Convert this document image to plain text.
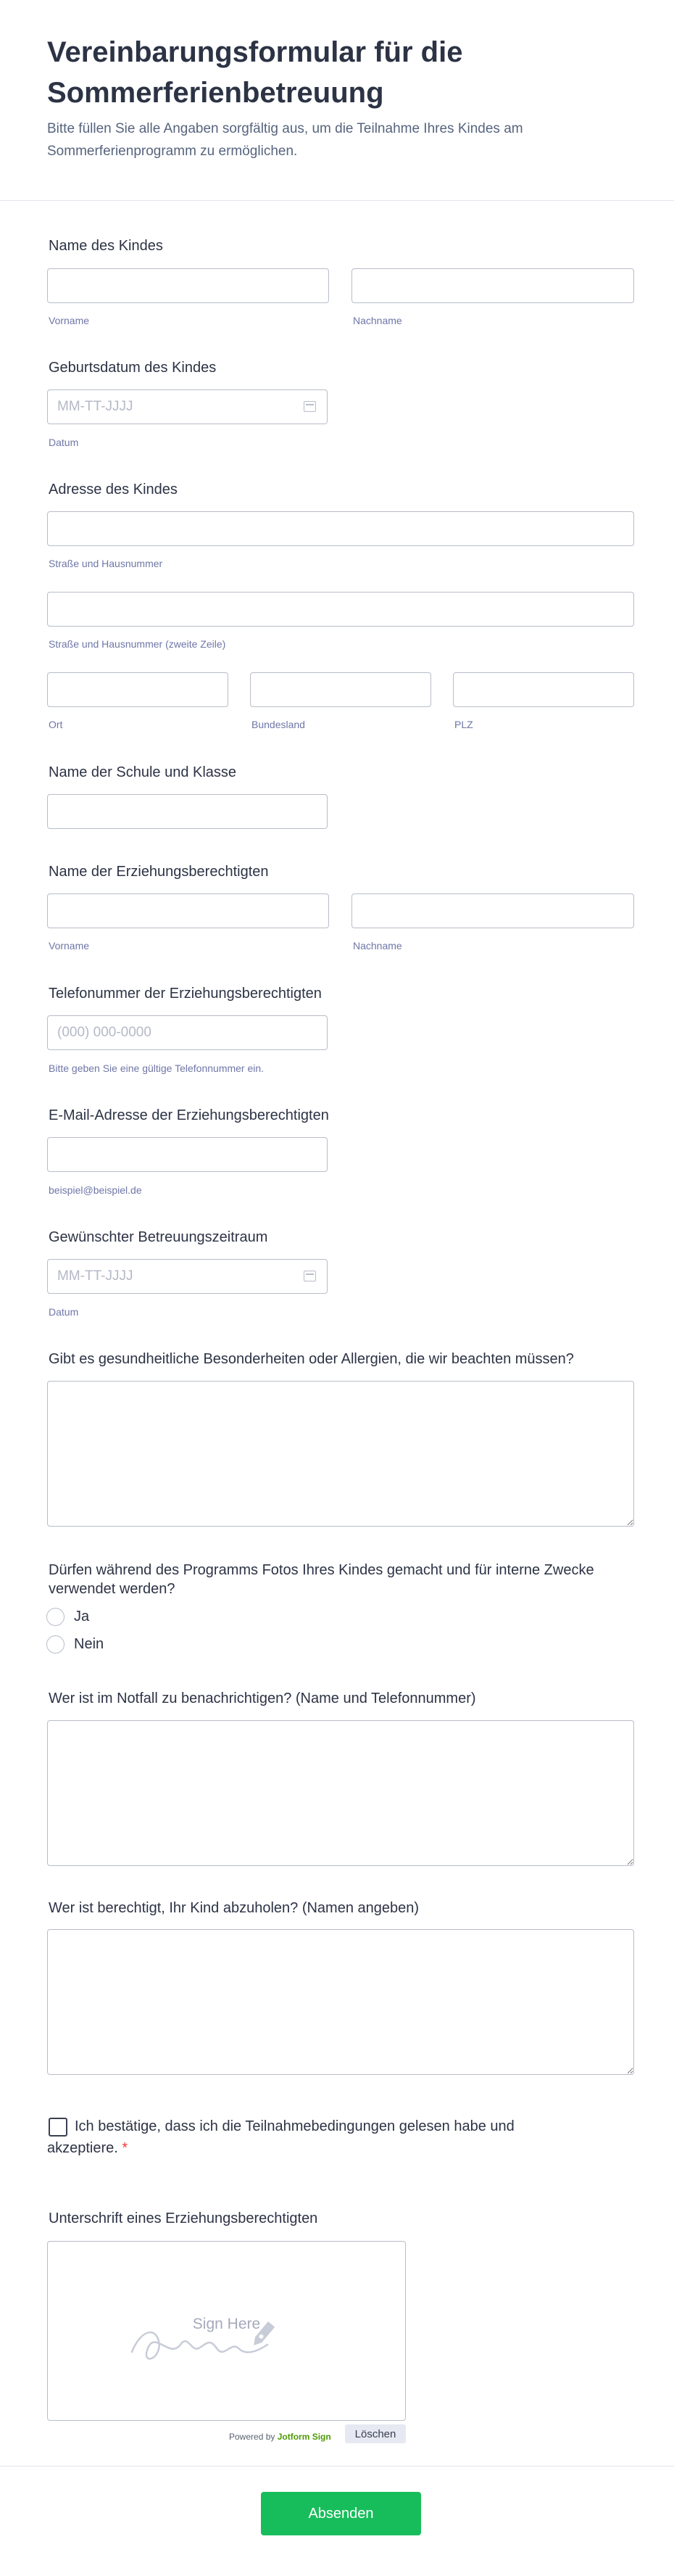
Vereinbarungsformular für die Sommerferienbetreuung

Bitte füllen Sie alle Angaben sorgfältig aus, um die Teilnahme Ihres Kindes am Sommerferienprogramm zu ermöglichen.

Name des Kindes
Vorname	Nachname
Geburtsdatum des Kindes
MM-TT-JJJJ
Datum
Adresse des Kindes
Straße und Hausnummer
Straße und Hausnummer (zweite Zeile)
Ort	Bundesland	PLZ
Name der Schule und Klasse
Name der Erziehungsberechtigten
Vorname	Nachname
Telefonummer der Erziehungsberechtigten
(000) 000-0000
Bitte geben Sie eine gültige Telefonnummer ein.
E-Mail-Adresse der Erziehungsberechtigten
beispiel@beispiel.de
Gewünschter Betreuungszeitraum
MM-TT-JJJJ
Datum
Gibt es gesundheitliche Besonderheiten oder Allergien, die wir beachten müssen?
Dürfen während des Programms Fotos Ihres Kindes gemacht und für interne Zwecke verwendet werden?
Ja
Nein
Wer ist im Notfall zu benachrichtigen? (Name und Telefonnummer)
Wer ist berechtigt, Ihr Kind abzuholen? (Namen angeben)
Ich bestätige, dass ich die Teilnahmebedingungen gelesen habe und akzeptiere. *
Unterschrift eines Erziehungsberechtigten
Sign Here
Powered by Jotform Sign	Löschen
Absenden
